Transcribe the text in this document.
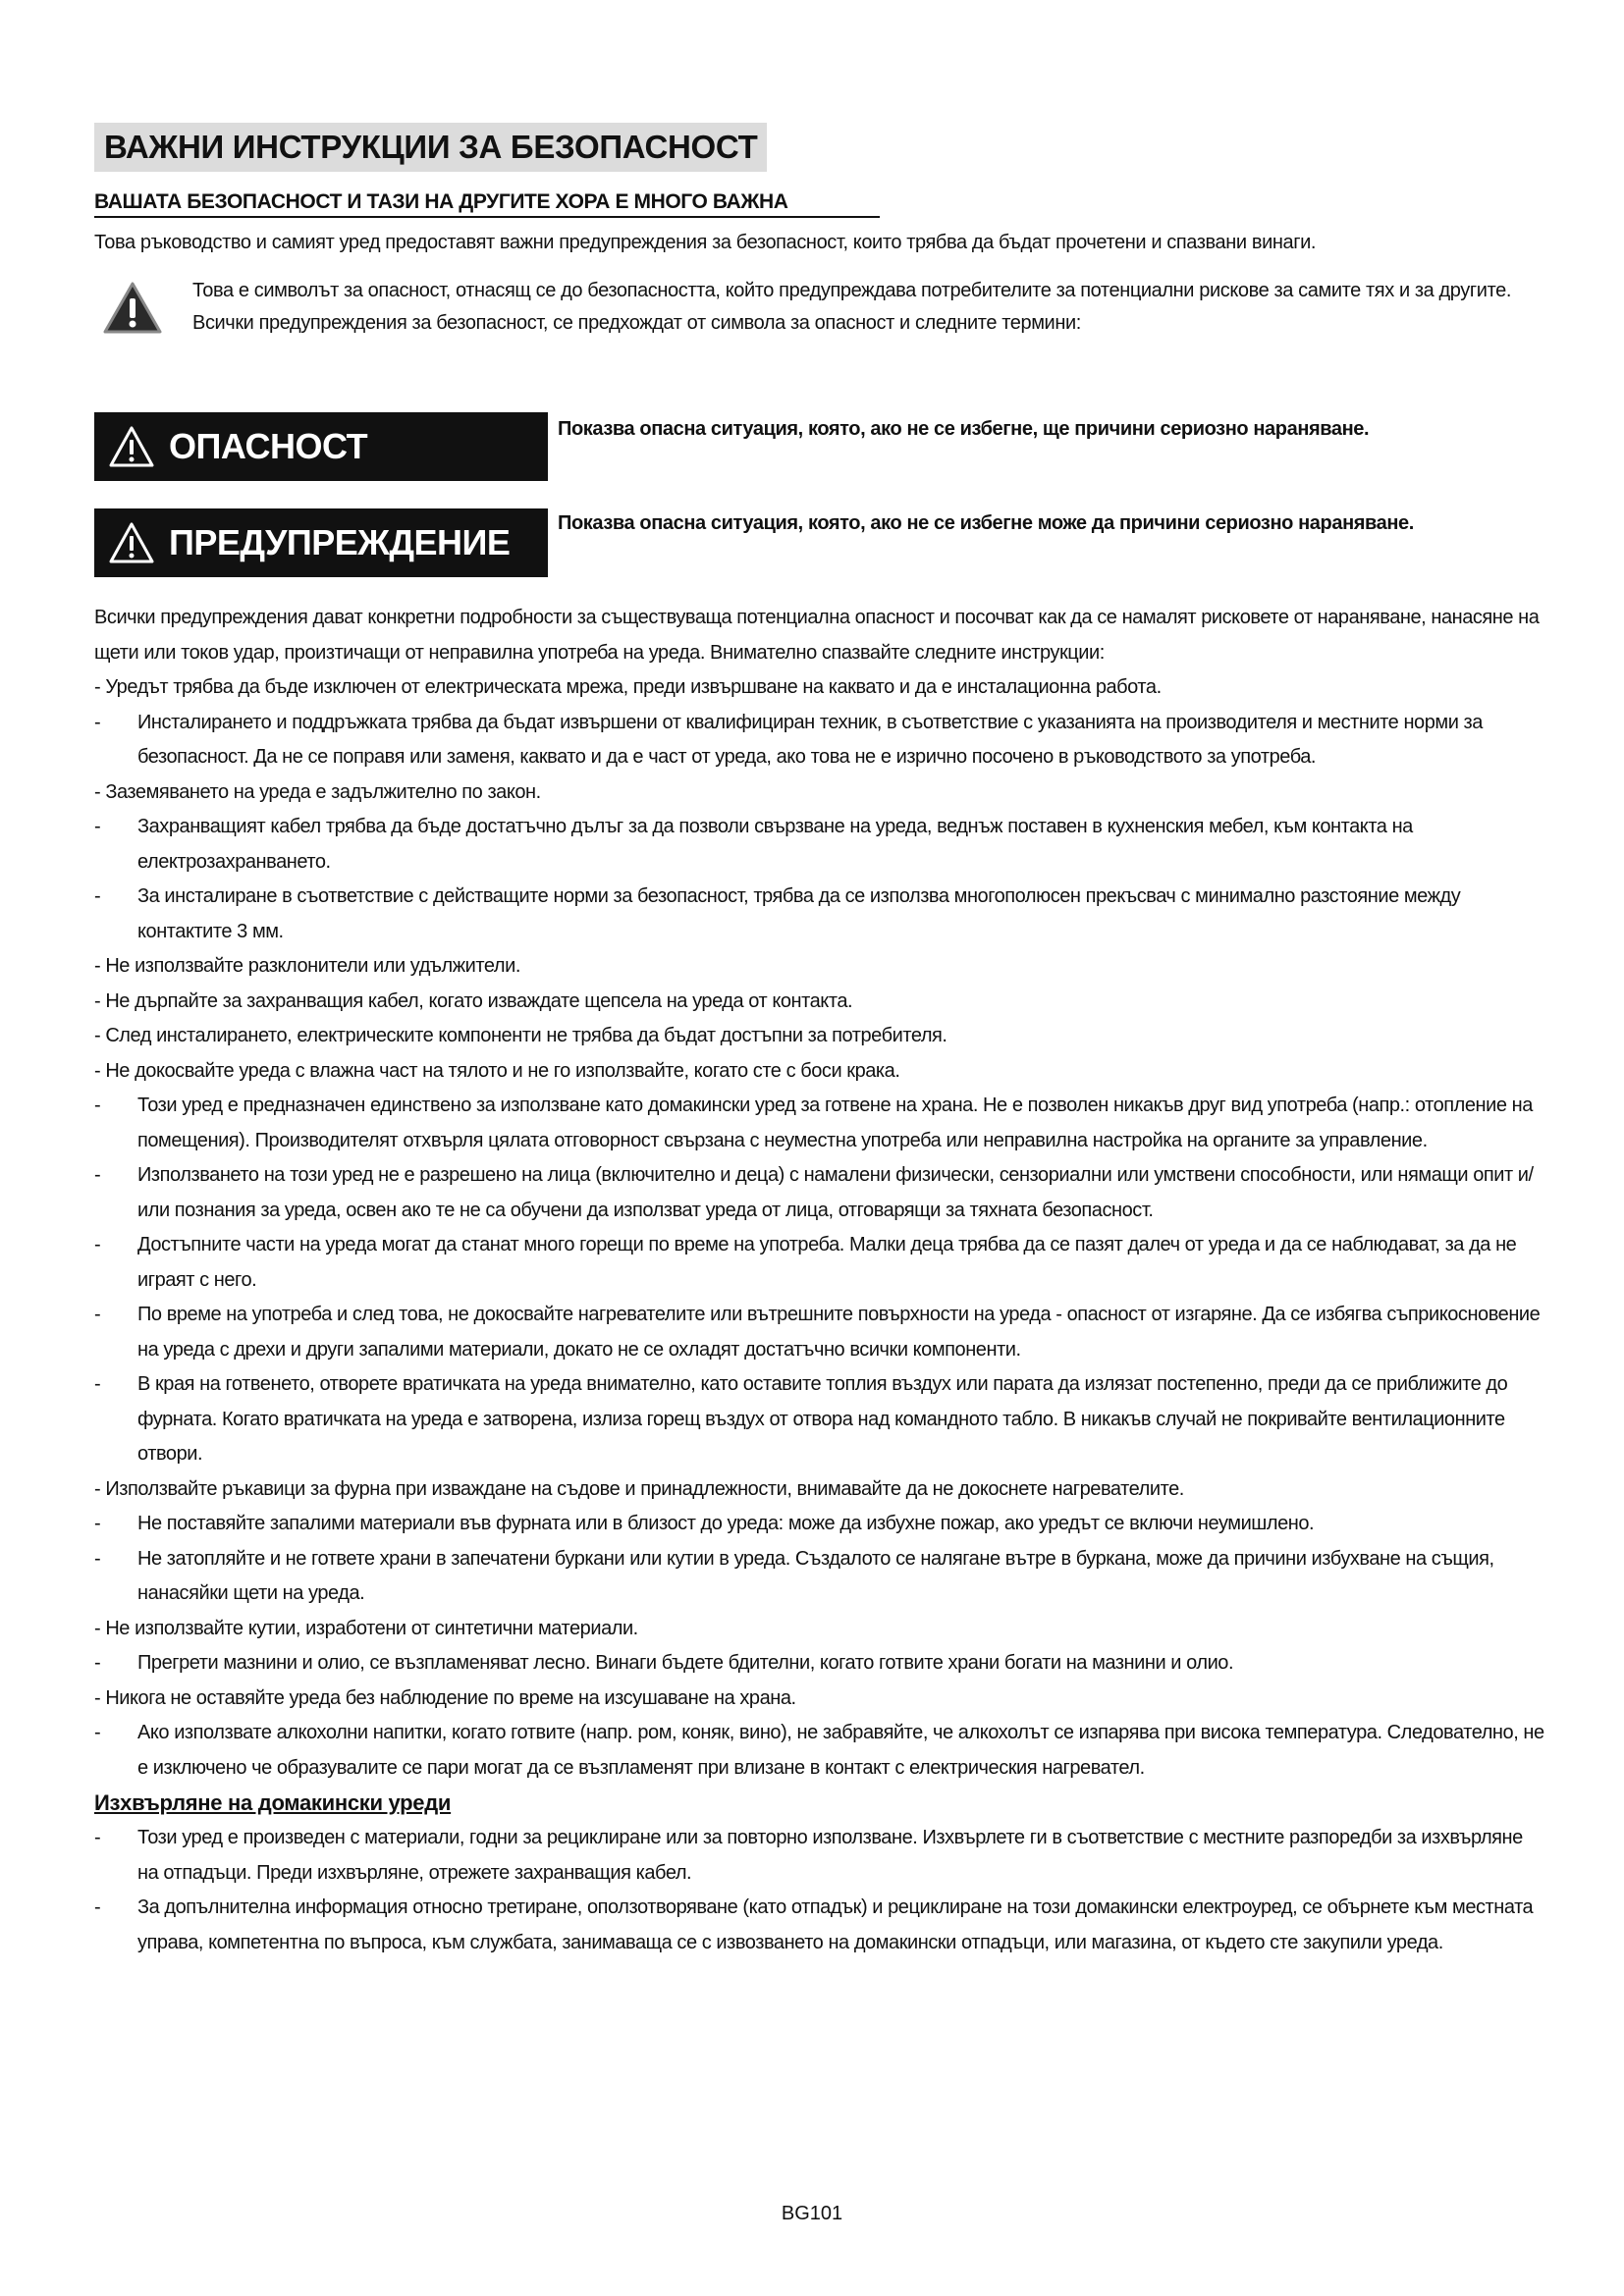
ВАЖНИ ИНСТРУКЦИИ ЗА БЕЗОПАСНОСТ
ВАШАТА БЕЗОПАСНОСТ И ТАЗИ НА ДРУГИТЕ ХОРА Е МНОГО ВАЖНА
Това ръководство и самият уред предоставят важни предупреждения за безопасност, които трябва да бъдат прочетени и спазвани винаги.

Това е символът за опасност, отнасящ се до безопасността, който предупреждава потребителите за потенциални рискове за самите тях и за другите.

Всички предупреждения за безопасност, се предхождат от символа за опасност и следните термини:

ОПАСНОСТ	Показва опасна ситуация, която, ако не се избегне, ще причини сериозно нараняване.
ПРЕДУПРЕЖДЕНИЕ	Показва опасна ситуация, която, ако не се избегне може да причини сериозно нараняване.

Всички предупреждения дават конкретни подробности за съществуваща потенциална опасност и посочват как да се намалят рисковете от нараняване, нанасяне на щети или токов удар, произтичащи от неправилна употреба на уреда. Внимателно спазвайте следните инструкции:

- Уредът трябва да бъде изключен от електрическата мрежа, преди извършване на каквато и да е инсталационна работа.
- Инсталирането и поддръжката трябва да бъдат извършени от квалифициран техник, в съответствие с указанията на производителя и местните норми за безопасност. Да не се поправя или заменя, каквато и да е част от уреда, ако това не е изрично посочено в ръководството за употреба.
- Заземяването на уреда е задължително по закон.
- Захранващият кабел трябва да бъде достатъчно дълъг за да позволи свързване на уреда, веднъж поставен в кухненския мебел, към контакта на електрозахранването.
- За инсталиране в съответствие с действащите норми за безопасност, трябва да се използва многополюсен прекъсвач с минимално разстояние между контактите 3 мм.
- Не използвайте разклонители или удължители.
- Не дърпайте за захранващия кабел, когато изваждате щепсела на уреда от контакта.
- След инсталирането, електрическите компоненти не трябва да бъдат достъпни за потребителя.
- Не докосвайте уреда с влажна част на тялото и не го използвайте, когато сте с боси крака.
- Този уред е предназначен единствено за използване като домакински уред за готвене на храна. Не е позволен никакъв друг вид употреба (напр.: отопление на помещения). Производителят отхвърля цялата отговорност свързана с неуместна употреба или неправилна настройка на органите за управление.
- Използването на този уред не е разрешено на лица (включително и деца) с намалени физически, сензориални или умствени способности, или нямащи опит и/или познания за уреда, освен ако те не са обучени да използват уреда от лица, отговарящи за тяхната безопасност.
- Достъпните части на уреда могат да станат много горещи по време на употреба. Малки деца трябва да се пазят далеч от уреда и да се наблюдават, за да не играят с него.
- По време на употреба и след това, не докосвайте нагревателите или вътрешните повърхности на уреда - опасност от изгаряне. Да се избягва съприкосновение на уреда с дрехи и други запалими материали, докато не се охладят достатъчно всички компоненти.
- В края на готвенето, отворете вратичката на уреда внимателно, като оставите топлия въздух или парата да излязат постепенно, преди да се приближите до фурната. Когато вратичката на уреда е затворена, излиза горещ въздух от отвора над командното табло. В никакъв случай не покривайте вентилационните отвори.
- Използвайте ръкавици за фурна при изваждане на съдове и принадлежности, внимавайте да не докоснете нагревателите.
- Не поставяйте запалими материали във фурната или в близост до уреда: може да избухне пожар, ако уредът се включи неумишлено.
- Не затопляйте и не гответе храни в запечатени буркани или кутии в уреда. Създалото се налягане вътре в буркана, може да причини избухване на същия, нанасяйки щети на уреда.
- Не използвайте кутии, изработени от синтетични материали.
- Прегрети мазнини и олио, се възпламеняват лесно. Винаги бъдете бдителни, когато готвите храни богати на мазнини и олио.
- Никога не оставяйте уреда без наблюдение по време на изсушаване на храна.
- Ако използвате алкохолни напитки, когато готвите (напр. ром, коняк, вино), не забравяйте, че алкохолът се изпарява при висока температура. Следователно, не е изключено че образувалите се пари могат да се възпламенят при влизане в контакт с електрическия нагревател.

Изхвърляне на домакински уреди

- Този уред е произведен с материали, годни за рециклиране или за повторно използване. Изхвърлете ги в съответствие с местните разпоредби за изхвърляне на отпадъци. Преди изхвърляне, отрежете захранващия кабел.
- За допълнителна информация относно третиране, оползотворяване (като отпадък) и рециклиране на този домакински електроуред, се обърнете към местната управа, компетентна по въпроса, към службата, занимаваща се с извозването на домакински отпадъци, или магазина, от където сте закупили уреда.
BG101
